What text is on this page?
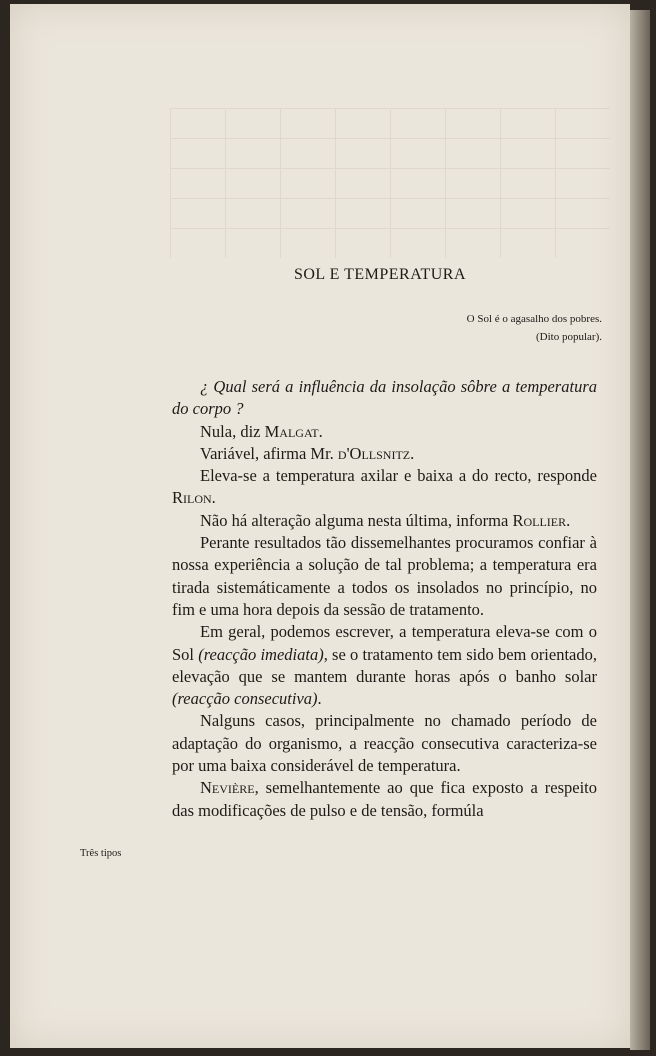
SOL E TEMPERATURA
O Sol é o agasalho dos pobres.
(Dito popular).

¿ Qual será a influência da insolação sôbre a temperatura do corpo ?

Nula, diz Malgat.

Variável, afirma Mr. d'Ollsnitz.

Eleva-se a temperatura axilar e baixa a do recto, responde Rilon.

Não há alteração alguma nesta última, informa Rollier.

Perante resultados tão dissemelhantes procuramos confiar à nossa experiência a solução de tal problema; a temperatura era tirada sistemáticamente a todos os insolados no princípio, no fim e uma hora depois da sessão de tratamento.

Em geral, podemos escrever, a temperatura eleva-se com o Sol (reacção imediata), se o tratamento tem sido bem orientado, elevação que se mantem durante horas após o banho solar (reacção consecutiva).

Nalguns casos, principalmente no chamado período de adaptação do organismo, a reacção consecutiva caracteriza-se por uma baixa considerável de temperatura.

Nevière, semelhantemente ao que fica exposto a respeito das modificações de pulso e de tensão, formúla

Três tipos
